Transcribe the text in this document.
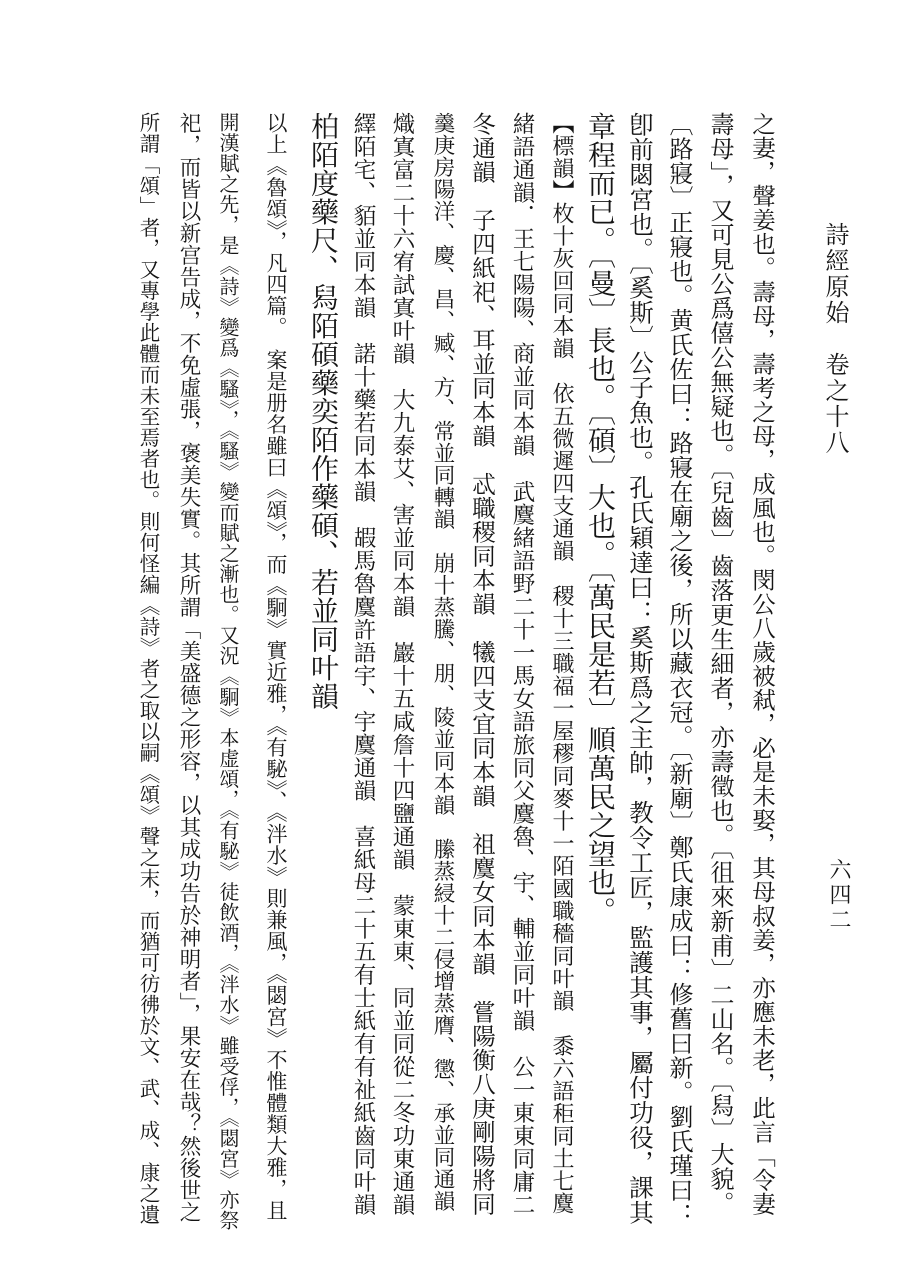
詩經原始　卷之十八
六四二
之妻，聲姜也。壽母，壽考之母，成風也。閔公八歲被弒，必是未娶，其母叔姜，亦應未老，此言「令妻
壽母」，又可見公爲僖公無疑也。〔兒齒〕齒落更生細者，亦壽徵也。〔徂來新甫〕二山名。〔舄〕大貌。
〔路寢〕正寢也。黄氏佐曰：路寢在廟之後，所以藏衣冠。〔新廟〕鄭氏康成曰：修舊曰新。劉氏瑾曰：
卽前閟宮也。〔奚斯〕公子魚也。孔氏穎達曰：奚斯爲之主帥，教令工匠，監護其事，屬付功役，課其
章程而已。〔曼〕長也。〔碩〕大也。〔萬民是若〕順萬民之望也。
【標韻】枚十灰回同本韻　依五微遲四支通韻　稷十三職福一屋穋同麥十一陌國職穡同叶韻　黍六語秬同土七麌
緒語通韻．王七陽陽、商並同本韻　武麌緒語野二十一馬女語旅同父麌魯、宇、輔並同叶韻　公一東東同庸二
冬通韻　子四紙祀、耳並同本韻　忒職稷同本韻　犧四支宜同本韻　祖麌女同本韻　嘗陽衡八庚剛陽將同
羹庚房陽洋、慶、昌、臧、方、常並同轉韻　崩十蒸騰、朋、陵並同本韻　縢蒸綅十二侵增蒸膺、懲、承並同通韻
熾寘富二十六宥試寘叶韻　大九泰艾、害並同本韻　巖十五咸詹十四鹽通韻　蒙東東、同並同從二冬功東通韻
繹陌宅、貊並同本韻　諾十藥若同本韻　嘏馬魯麌許語宇、宇麌通韻　喜紙母二十五有士紙有有祉紙齒同叶韻
柏陌度藥尺、舄陌碩藥奕陌作藥碩、若並同叶韻
以上《魯頌》，凡四篇。　案是册名雖曰《頌》，而《駉》實近雅，《有駜》、《泮水》則兼風，《閟宮》不惟體類大雅，且
開漢賦之先，是《詩》變爲《騷》，《騷》變而賦之漸也。又況《駉》本虚頌，《有駜》徒飲酒，《泮水》雖受俘，《閟宮》亦祭
祀，而皆以新宫告成，不免虛張，褒美失實。其所謂「美盛德之形容，以其成功告於神明者」，果安在哉？然後世之
所謂「頌」者，又專學此體而未至焉者也。則何怪編《詩》者之取以嗣《頌》聲之末，而猶可彷彿於文、武、成、康之遺
